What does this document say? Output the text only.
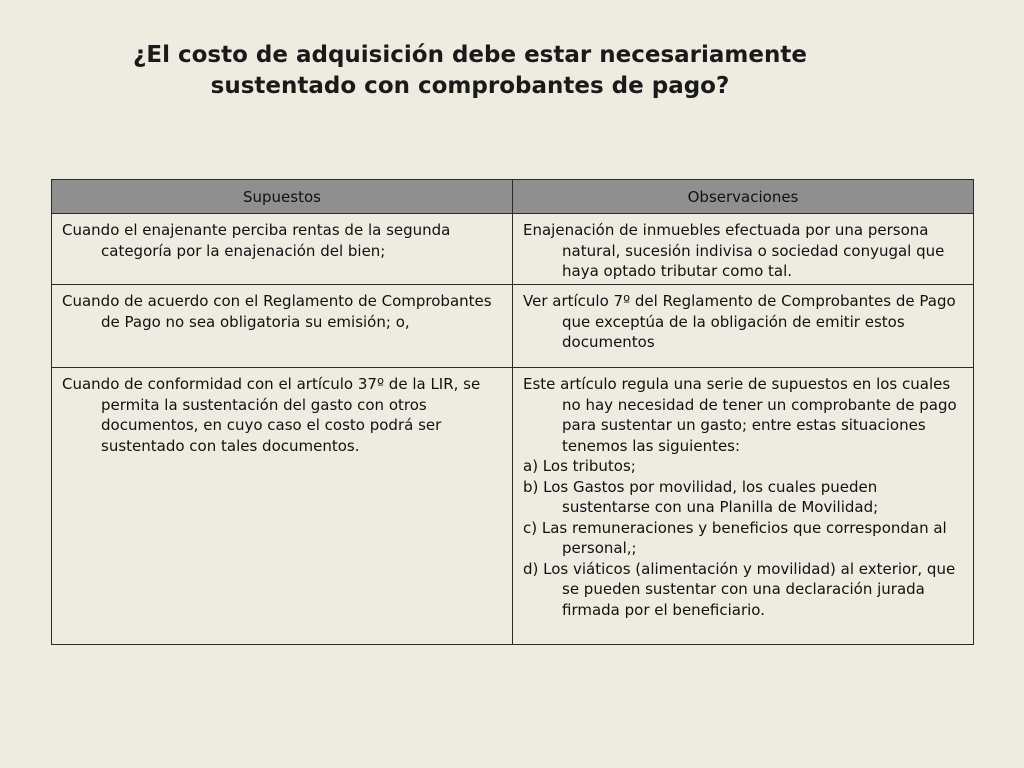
¿El costo de adquisición debe estar necesariamente
sustentado con comprobantes de pago?
Supuestos	Observaciones

Cuando el enajenante perciba rentas de la segunda categoría por la enajenación del bien;	Enajenación de inmuebles efectuada por una persona natural, sucesión indivisa o sociedad conyugal que haya optado tributar como tal.

Cuando de acuerdo con el Reglamento de Comprobantes de Pago no sea obligatoria su emisión; o,	Ver artículo 7º del Reglamento de Comprobantes de Pago que exceptúa de la obligación de emitir estos documentos

Cuando de conformidad con el artículo 37º de la LIR, se permita la sustentación del gasto con otros documentos, en cuyo caso el costo podrá ser sustentado con tales documentos.	Este artículo regula una serie de supuestos en los cuales no hay necesidad de tener un comprobante de pago para sustentar un gasto; entre estas situaciones tenemos las siguientes:
a) Los tributos;
b) Los Gastos por movilidad, los cuales pueden sustentarse con una Planilla de Movilidad;
c) Las remuneraciones y beneficios que correspondan al personal,;
d) Los viáticos (alimentación y movilidad) al exterior, que se pueden sustentar con una declaración jurada firmada por el beneficiario.
